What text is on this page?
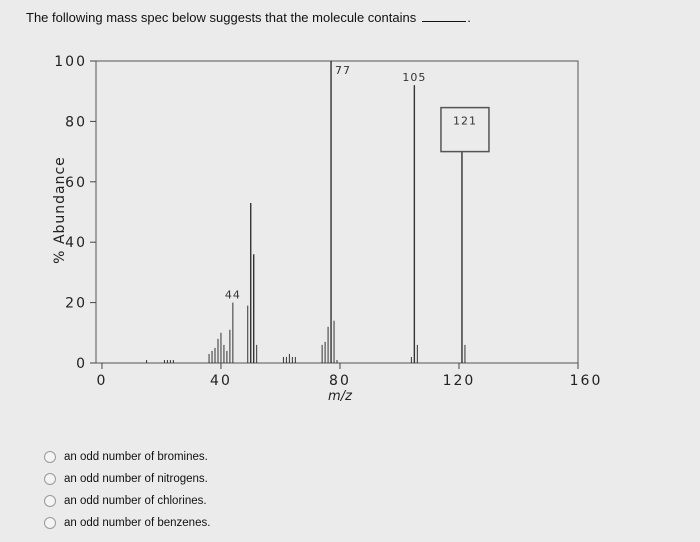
The following mass spec below suggests that the molecule contains	.
0
20
40
60
80
100
0	40	80	120	160
44
77
105
121
% Abundance
m/z
an odd number of bromines.
an odd number of nitrogens.
an odd number of chlorines.
an odd number of benzenes.
